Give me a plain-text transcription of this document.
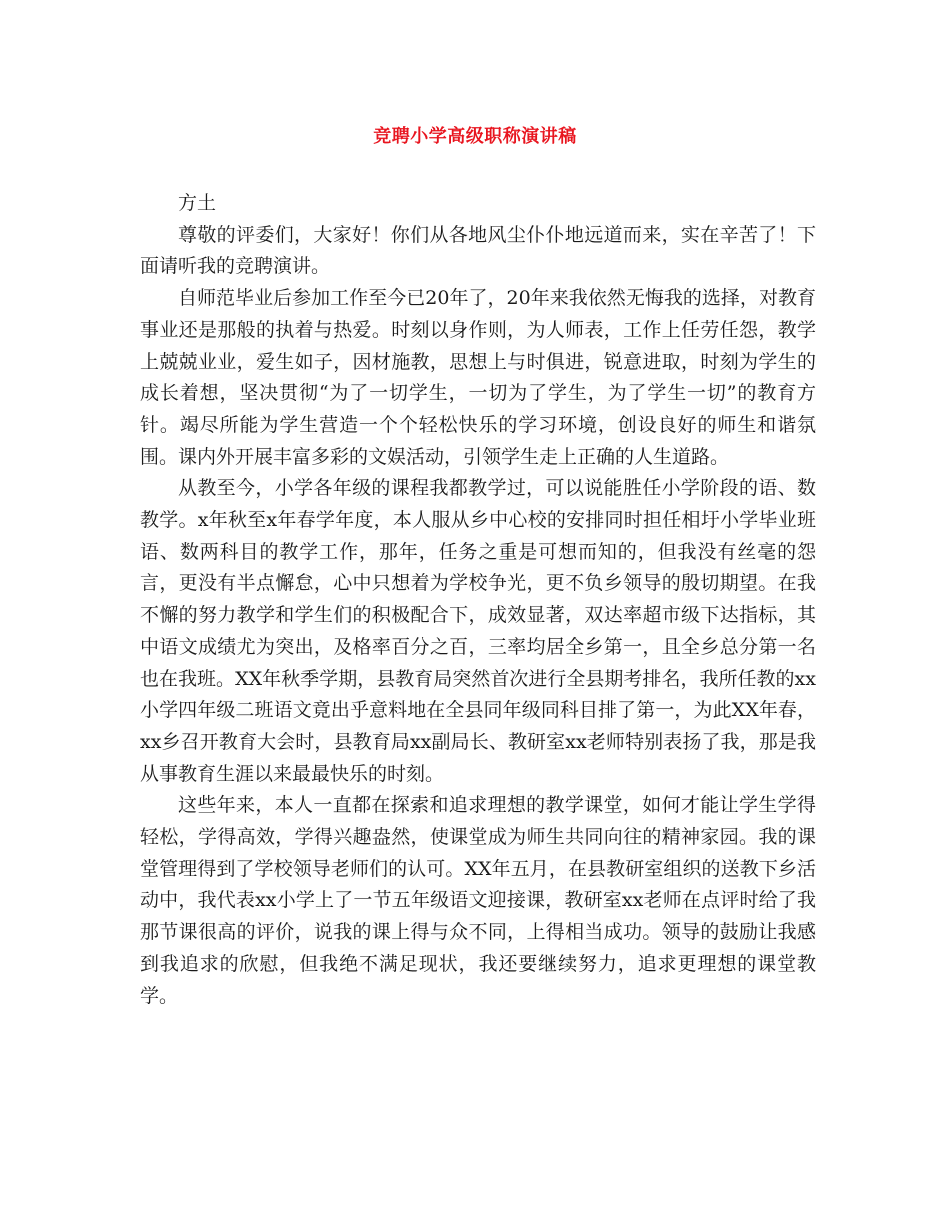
竞聘小学高级职称演讲稿

方土

尊敬的评委们，大家好！你们从各地风尘仆仆地远道而来，实在辛苦了！下面请听我的竞聘演讲。

自师范毕业后参加工作至今已20年了，20年来我依然无悔我的选择，对教育事业还是那般的执着与热爱。时刻以身作则，为人师表，工作上任劳任怨，教学上兢兢业业，爱生如子，因材施教，思想上与时俱进，锐意进取，时刻为学生的成长着想，坚决贯彻“为了一切学生，一切为了学生，为了学生一切”的教育方针。竭尽所能为学生营造一个个轻松快乐的学习环境，创设良好的师生和谐氛围。课内外开展丰富多彩的文娱活动，引领学生走上正确的人生道路。

从教至今，小学各年级的课程我都教学过，可以说能胜任小学阶段的语、数教学。x年秋至x年春学年度，本人服从乡中心校的安排同时担任相圩小学毕业班语、数两科目的教学工作，那年，任务之重是可想而知的，但我没有丝毫的怨言，更没有半点懈怠，心中只想着为学校争光，更不负乡领导的殷切期望。在我不懈的努力教学和学生们的积极配合下，成效显著，双达率超市级下达指标，其中语文成绩尤为突出，及格率百分之百，三率均居全乡第一，且全乡总分第一名也在我班。XX年秋季学期，县教育局突然首次进行全县期考排名，我所任教的xx小学四年级二班语文竟出乎意料地在全县同年级同科目排了第一，为此XX年春，xx乡召开教育大会时，县教育局xx副局长、教研室xx老师特别表扬了我，那是我从事教育生涯以来最最快乐的时刻。

这些年来，本人一直都在探索和追求理想的教学课堂，如何才能让学生学得轻松，学得高效，学得兴趣盎然，使课堂成为师生共同向往的精神家园。我的课堂管理得到了学校领导老师们的认可。XX年五月，在县教研室组织的送教下乡活动中，我代表xx小学上了一节五年级语文迎接课，教研室xx老师在点评时给了我那节课很高的评价，说我的课上得与众不同，上得相当成功。领导的鼓励让我感到我追求的欣慰，但我绝不满足现状，我还要继续努力，追求更理想的课堂教学。
